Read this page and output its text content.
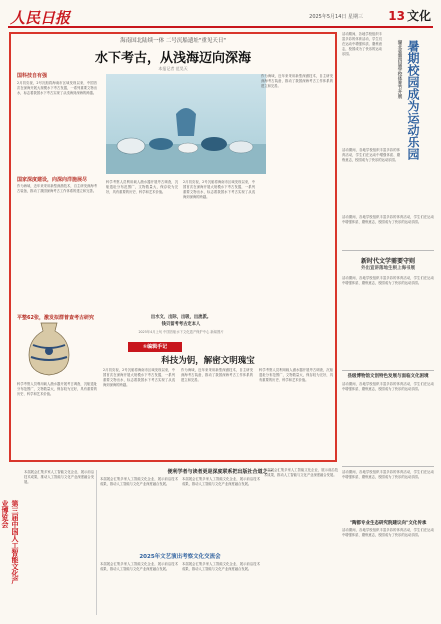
人民日报	2025年5月14日 星期三 13 文化
海南国北陆续一体 二号沉船遗址"重见天日"
水下考古，从浅海迈向深海
本报记者 范昊天
国科技自有强
2月初央视，2号沉船将海南市区域发现以来，中国首次在深海开展大规模水下考古发掘，一系列重要文物出水，标志着我国水下考古实现了从浅海到深海的跨越。
国家深度建设，向深向洋施展尽
作为海域，近年来采用新型深潜技术，自主研发深海考古装备，推动了我国深海考古工作体系的建立和完善。
科学考察人员利用载人潜水器开展考古调查，沉船遗址分布范围广，文物数量大，保存较为完好，具有重要的历史、科学和艺术价值。
2月初央视，2号沉船将海南市区域发现以来，中国首次在深海开展大规模水下考古发掘，一系列重要文物出水，标志着我国水下考古实现了从浅海到深海的跨越。
作为海域，近年来采用新型深潜技术，自主研发深海考古装备，推动了我国深海考古工作体系的建立和完善。
出水文、出际，出吸，出流派。
钱贝留考考古定本人
2025年4月上旬 中国首船水下文化遗产保护中心 新闻图片
平整62张，激发拟群普查考古研究
科学考察人员利用载人潜水器开展考古调查，沉船遗址分布范围广，文物数量大，保存较为完好，具有重要的历史、科学和艺术价值。
①编辑手记
科技为钥，解密文明瑰宝
2月初央视，2号沉船将海南市区域发现以来，中国首次在深海开展大规模水下考古发掘，一系列重要文物出水，标志着我国水下考古实现了从浅海到深海的跨越。
作为海域，近年来采用新型深潜技术，自主研发深海考古装备，推动了我国深海考古工作体系的建立和完善。
科学考察人员利用载人潜水器开展考古调查，沉船遗址分布范围广，文物数量大，保存较为完好，具有重要的历史、科学和艺术价值。
活动期间，各地学校组织丰富多彩的体育活动，学生们在运动中增强体质、磨炼意志，校园成为了快乐的运动乐园。	湖北省第四届学校体育节开展 暑期校园成为运动乐园
活动期间，各地学校组织丰富多彩的体育活动，学生们在运动中增强体质、磨炼意志，校园成为了快乐的运动乐园。
活动期间，各地学校组织丰富多彩的体育活动，学生们在运动中增强体质、磨炼意志，校园成为了快乐的运动乐园。
新时代文学需要守则
外出宣讲落地生根上海书展
活动期间，各地学校组织丰富多彩的体育活动，学生们在运动中增强体质、磨炼意志，校园成为了快乐的运动乐园。
县级博物馆文创特色发展与面临文化困境
活动期间，各地学校组织丰富多彩的体育活动，学生们在运动中增强体质、磨炼意志，校园成为了快乐的运动乐园。
活动期间，各地学校组织丰富多彩的体育活动，学生们在运动中增强体质、磨炼意志，校园成为了快乐的运动乐园。
"陶都专业生态研究院建议向"文化传承
活动期间，各地学校组织丰富多彩的体育活动，学生们在运动中增强体质、磨炼意志，校园成为了快乐的运动乐园。
第三届中国人工智能文化产业博览会
本届展会汇集多家人工智能文化企业，展示前沿技术成果，推动人工智能与文化产业深度融合发展。
便利学者与读者更是深度联系把出版社合道之一
本届展会汇集多家人工智能文化企业，展示前沿技术成果，推动人工智能与文化产业深度融合发展。
本届展会汇集多家人工智能文化企业，展示前沿技术成果，推动人工智能与文化产业深度融合发展。
本届展会汇集多家人工智能文化企业，展示前沿技术成果，推动人工智能与文化产业深度融合发展。
2025年文艺演出考察文化交流会
本届展会汇集多家人工智能文化企业，展示前沿技术成果，推动人工智能与文化产业深度融合发展。
本届展会汇集多家人工智能文化企业，展示前沿技术成果，推动人工智能与文化产业深度融合发展。
